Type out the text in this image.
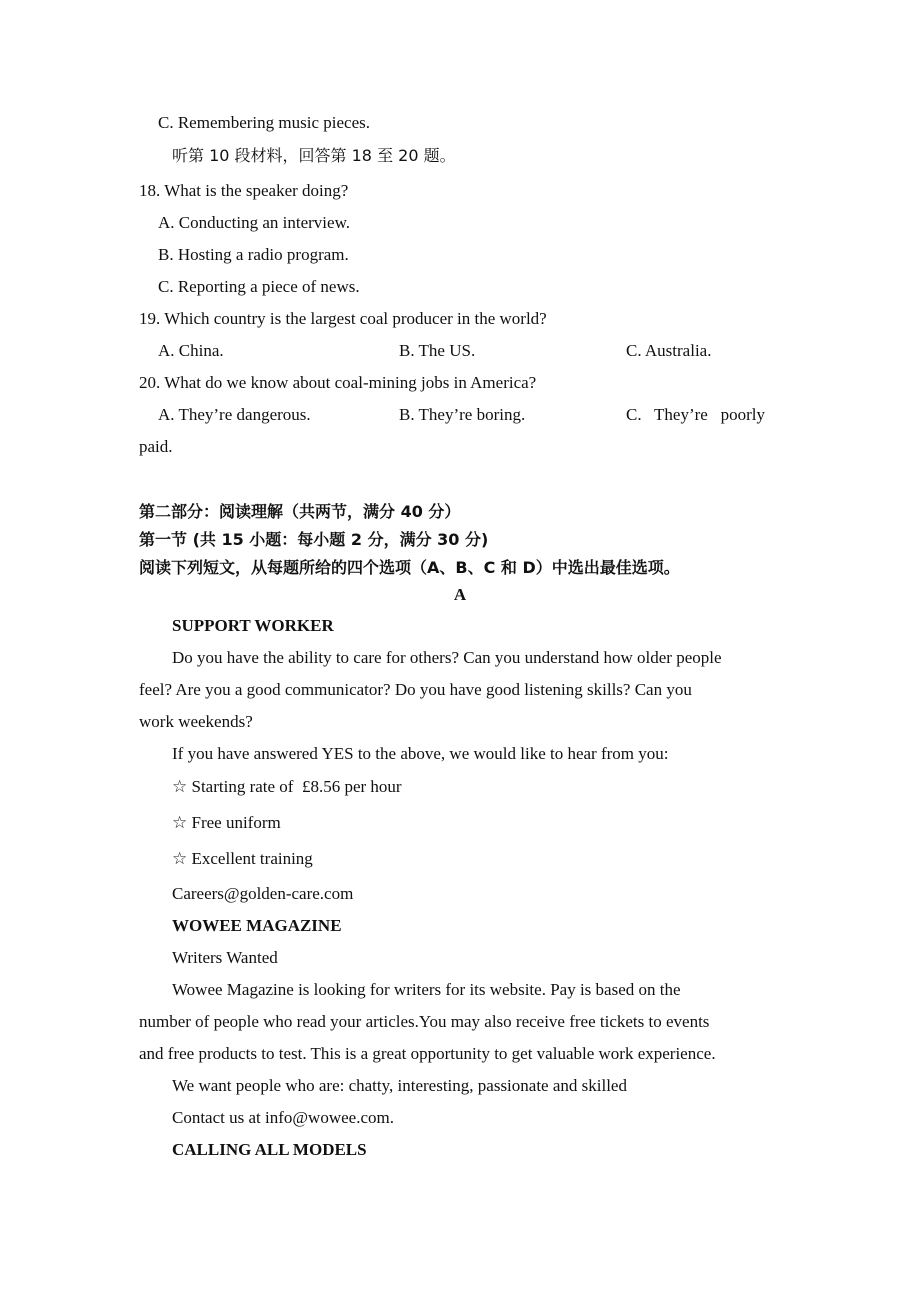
C. Remembering music pieces.
听第 10 段材料，回答第 18 至 20 题。
18. What is the speaker doing?
A. Conducting an interview.
B. Hosting a radio program.
C. Reporting a piece of news.
19. Which country is the largest coal producer in the world?
A. China.	B. The US.	C. Australia.
20. What do we know about coal-mining jobs in America?
A. They’re dangerous.	B. They’re boring.	C.   They’re   poorly
paid.
第二部分：阅读理解（共两节，满分 40 分）
第一节 (共 15 小题：每小题 2 分，满分 30 分)
阅读下列短文，从每题所给的四个选项（A、B、C 和 D）中选出最佳选项。
A
SUPPORT WORKER
Do you have the ability to care for others? Can you understand how older people
feel? Are you a good communicator? Do you have good listening skills? Can you
work weekends?
If you have answered YES to the above, we would like to hear from you:
☆ Starting rate of  £8.56 per hour
☆ Free uniform
☆ Excellent training
Careers@golden-care.com
WOWEE MAGAZINE
Writers Wanted
Wowee Magazine is looking for writers for its website. Pay is based on the
number of people who read your articles.You may also receive free tickets to events
and free products to test. This is a great opportunity to get valuable work experience.
We want people who are: chatty, interesting, passionate and skilled
Contact us at info@wowee.com.
CALLING ALL MODELS
